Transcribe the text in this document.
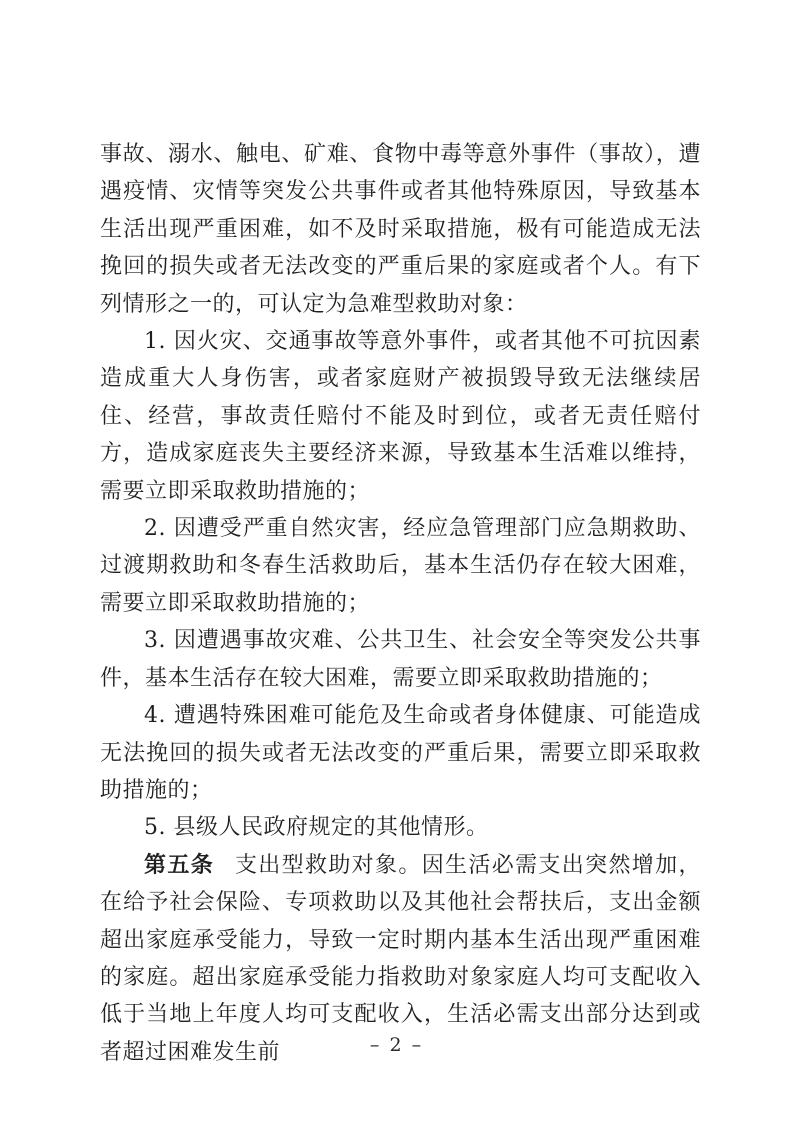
事故、溺水、触电、矿难、食物中毒等意外事件（事故），遭遇疫情、灾情等突发公共事件或者其他特殊原因，导致基本生活出现严重困难，如不及时采取措施，极有可能造成无法挽回的损失或者无法改变的严重后果的家庭或者个人。有下列情形之一的，可认定为急难型救助对象：

1. 因火灾、交通事故等意外事件，或者其他不可抗因素造成重大人身伤害，或者家庭财产被损毁导致无法继续居住、经营，事故责任赔付不能及时到位，或者无责任赔付方，造成家庭丧失主要经济来源，导致基本生活难以维持，需要立即采取救助措施的；

2. 因遭受严重自然灾害，经应急管理部门应急期救助、过渡期救助和冬春生活救助后，基本生活仍存在较大困难，需要立即采取救助措施的；

3. 因遭遇事故灾难、公共卫生、社会安全等突发公共事件，基本生活存在较大困难，需要立即采取救助措施的；

4. 遭遇特殊困难可能危及生命或者身体健康、可能造成无法挽回的损失或者无法改变的严重后果，需要立即采取救助措施的；

5. 县级人民政府规定的其他情形。

第五条 支出型救助对象。因生活必需支出突然增加，在给予社会保险、专项救助以及其他社会帮扶后，支出金额超出家庭承受能力，导致一定时期内基本生活出现严重困难的家庭。超出家庭承受能力指救助对象家庭人均可支配收入低于当地上年度人均可支配收入，生活必需支出部分达到或者超过困难发生前	– 2 –
